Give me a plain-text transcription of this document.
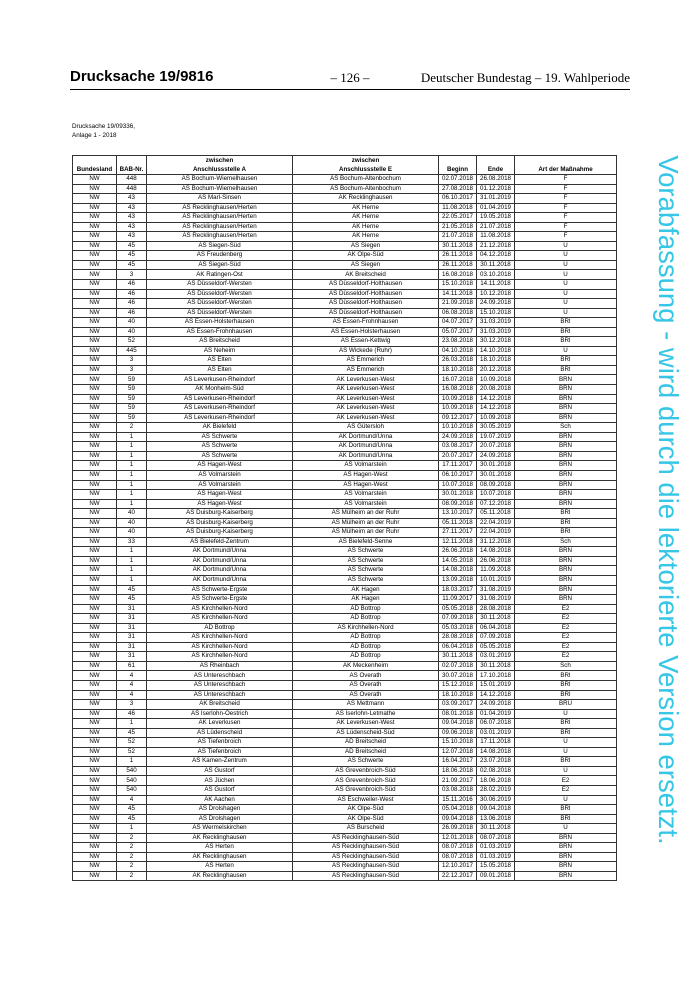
Drucksache 19/9816	– 126 –	Deutscher Bundestag – 19. Wahlperiode
Drucksache 19/09336,
Anlage 1 - 2018
		zwischen	zwischen			
Bundesland	BAB-Nr.	Anschlussstelle A	Anschlussstelle E	Beginn	Ende	Art der Maßnahme
NW	448	AS Bochum-Wiemelhausen	AS Bochum-Altenbochum	02.07.2018	26.08.2018	F
NW	448	AS Bochum-Wiemelhausen	AS Bochum-Altenbochum	27.08.2018	01.12.2018	F
NW	43	AS Marl-Sinsen	AK Recklinghausen	06.10.2017	31.01.2019	F
NW	43	AS Recklinghausen/Herten	AK Herne	11.08.2018	01.04.2019	F
NW	43	AS Recklinghausen/Herten	AK Herne	22.05.2017	19.05.2018	F
NW	43	AS Recklinghausen/Herten	AK Herne	21.05.2018	21.07.2018	F
NW	43	AS Recklinghausen/Herten	AK Herne	21.07.2018	11.08.2018	F
NW	45	AS Siegen-Süd	AS Siegen	30.11.2018	21.12.2018	U
NW	45	AS Freudenberg	AK Olpe-Süd	26.11.2018	04.12.2018	U
NW	45	AS Siegen-Süd	AS Siegen	26.11.2018	30.11.2018	U
NW	3	AK Ratingen-Ost	AK Breitscheid	16.08.2018	03.10.2018	U
NW	46	AS Düsseldorf-Wersten	AS Düsseldorf-Holthausen	15.10.2018	14.11.2018	U
NW	46	AS Düsseldorf-Wersten	AS Düsseldorf-Holthausen	14.11.2018	10.12.2018	U
NW	46	AS Düsseldorf-Wersten	AS Düsseldorf-Holthausen	21.09.2018	24.09.2018	U
NW	46	AS Düsseldorf-Wersten	AS Düsseldorf-Holthausen	06.08.2018	15.10.2018	U
NW	40	AS Essen-Holsterhausen	AS Essen-Frohnhausen	04.07.2017	31.03.2019	BRI
NW	40	AS Essen-Frohnhausen	AS Essen-Holsterhausen	05.07.2017	31.03.2019	BRI
NW	52	AS Breitscheid	AS Essen-Kettwig	23.08.2018	30.12.2018	BRI
NW	445	AS Neheim	AS Wickede (Ruhr)	04.10.2018	14.10.2018	U
NW	3	AS Elten	AS Emmerich	26.03.2018	18.10.2018	BRI
NW	3	AS Elten	AS Emmerich	18.10.2018	20.12.2018	BRI
NW	59	AS Leverkusen-Rheindorf	AK Leverkusen-West	16.07.2018	10.09.2018	BRN
NW	59	AK Monheim-Süd	AK Leverkusen-West	16.08.2018	20.08.2018	BRN
NW	59	AS Leverkusen-Rheindorf	AK Leverkusen-West	10.09.2018	14.12.2018	BRN
NW	59	AS Leverkusen-Rheindorf	AK Leverkusen-West	10.09.2018	14.12.2018	BRN
NW	59	AS Leverkusen-Rheindorf	AK Leverkusen-West	09.12.2017	10.09.2018	BRN
NW	2	AK Bielefeld	AS Gütersloh	10.10.2018	30.05.2019	Sch
NW	1	AS Schwerte	AK Dortmund/Unna	24.09.2018	19.07.2019	BRN
NW	1	AS Schwerte	AK Dortmund/Unna	03.08.2017	20.07.2018	BRN
NW	1	AS Schwerte	AK Dortmund/Unna	20.07.2017	24.09.2018	BRN
NW	1	AS Hagen-West	AS Volmarstein	17.11.2017	30.01.2018	BRN
NW	1	AS Volmarstein	AS Hagen-West	06.10.2017	30.01.2018	BRN
NW	1	AS Volmarstein	AS Hagen-West	10.07.2018	08.09.2018	BRN
NW	1	AS Hagen-West	AS Volmarstein	30.01.2018	10.07.2018	BRN
NW	1	AS Hagen-West	AS Volmarstein	08.09.2018	07.12.2018	BRN
NW	40	AS Duisburg-Kaiserberg	AS Mülheim an der Ruhr	13.10.2017	05.11.2018	BRI
NW	40	AS Duisburg-Kaiserberg	AS Mülheim an der Ruhr	05.11.2018	22.04.2019	BRI
NW	40	AS Duisburg-Kaiserberg	AS Mülheim an der Ruhr	27.11.2017	22.04.2019	BRI
NW	33	AS Bielefeld-Zentrum	AS Bielefeld-Senne	12.11.2018	31.12.2018	Sch
NW	1	AK Dortmund/Unna	AS Schwerte	26.06.2018	14.08.2018	BRN
NW	1	AK Dortmund/Unna	AS Schwerte	14.05.2018	26.06.2018	BRN
NW	1	AK Dortmund/Unna	AS Schwerte	14.08.2018	11.09.2018	BRN
NW	1	AK Dortmund/Unna	AS Schwerte	13.09.2018	10.01.2019	BRN
NW	45	AS Schwerte-Ergste	AK Hagen	18.03.2017	31.08.2019	BRN
NW	45	AS Schwerte-Ergste	AK Hagen	11.09.2017	31.08.2019	BRN
NW	31	AS Kirchhellen-Nord	AD Bottrop	05.05.2018	28.08.2018	E2
NW	31	AS Kirchhellen-Nord	AD Bottrop	07.09.2018	30.11.2018	E2
NW	31	AD Bottrop	AS Kirchhellen-Nord	05.03.2018	06.04.2018	E2
NW	31	AS Kirchhellen-Nord	AD Bottrop	28.08.2018	07.09.2018	E2
NW	31	AS Kirchhellen-Nord	AD Bottrop	06.04.2018	05.05.2018	E2
NW	31	AS Kirchhellen-Nord	AD Bottrop	30.11.2018	03.01.2019	E2
NW	61	AS Rheinbach	AK Meckenheim	02.07.2018	30.11.2018	Sch
NW	4	AS Untereschbach	AS Overath	30.07.2018	17.10.2018	BRI
NW	4	AS Untereschbach	AS Overath	15.12.2018	15.01.2019	BRI
NW	4	AS Untereschbach	AS Overath	18.10.2018	14.12.2018	BRI
NW	3	AK Breitscheid	AS Mettmann	03.09.2017	24.09.2018	BRU
NW	46	AS Iserlohn-Oestrich	AS Iserlohn-Letmathe	08.01.2018	01.04.2019	U
NW	1	AK Leverkusen	AK Leverkusen-West	09.04.2018	06.07.2018	BRI
NW	45	AS Lüdenscheid	AS Lüdenscheid-Süd	09.06.2018	03.01.2019	BRI
NW	52	AS Tiefenbroich	AD Breitscheid	15.10.2018	17.11.2018	U
NW	52	AS Tiefenbroich	AD Breitscheid	12.07.2018	14.08.2018	U
NW	1	AS Kamen-Zentrum	AS Schwerte	16.04.2017	23.07.2018	BRI
NW	540	AS Gustorf	AS Grevenbroich-Süd	18.06.2018	02.08.2018	U
NW	540	AS Jüchen	AS Grevenbroich-Süd	21.09.2017	18.06.2018	E2
NW	540	AS Gustorf	AS Grevenbroich-Süd	03.08.2018	28.02.2019	E2
NW	4	AK Aachen	AS Eschweiler-West	15.11.2016	30.06.2019	U
NW	45	AS Drolshagen	AK Olpe-Süd	05.04.2018	09.04.2018	BRI
NW	45	AS Drolshagen	AK Olpe-Süd	09.04.2018	13.06.2018	BRI
NW	1	AS Wermelskirchen	AS Burscheid	26.09.2018	30.11.2018	U
NW	2	AK Recklinghausen	AS Recklinghausen-Süd	12.01.2018	08.07.2018	BRN
NW	2	AS Herten	AS Recklinghausen-Süd	08.07.2018	01.03.2019	BRN
NW	2	AK Recklinghausen	AS Recklinghausen-Süd	08.07.2018	01.03.2019	BRN
NW	2	AS Herten	AS Recklinghausen-Süd	12.10.2017	15.05.2018	BRN
NW	2	AK Recklinghausen	AS Recklinghausen-Süd	22.12.2017	09.01.2018	BRN
Vorabfassung - wird durch die lektorierte Version ersetzt.
